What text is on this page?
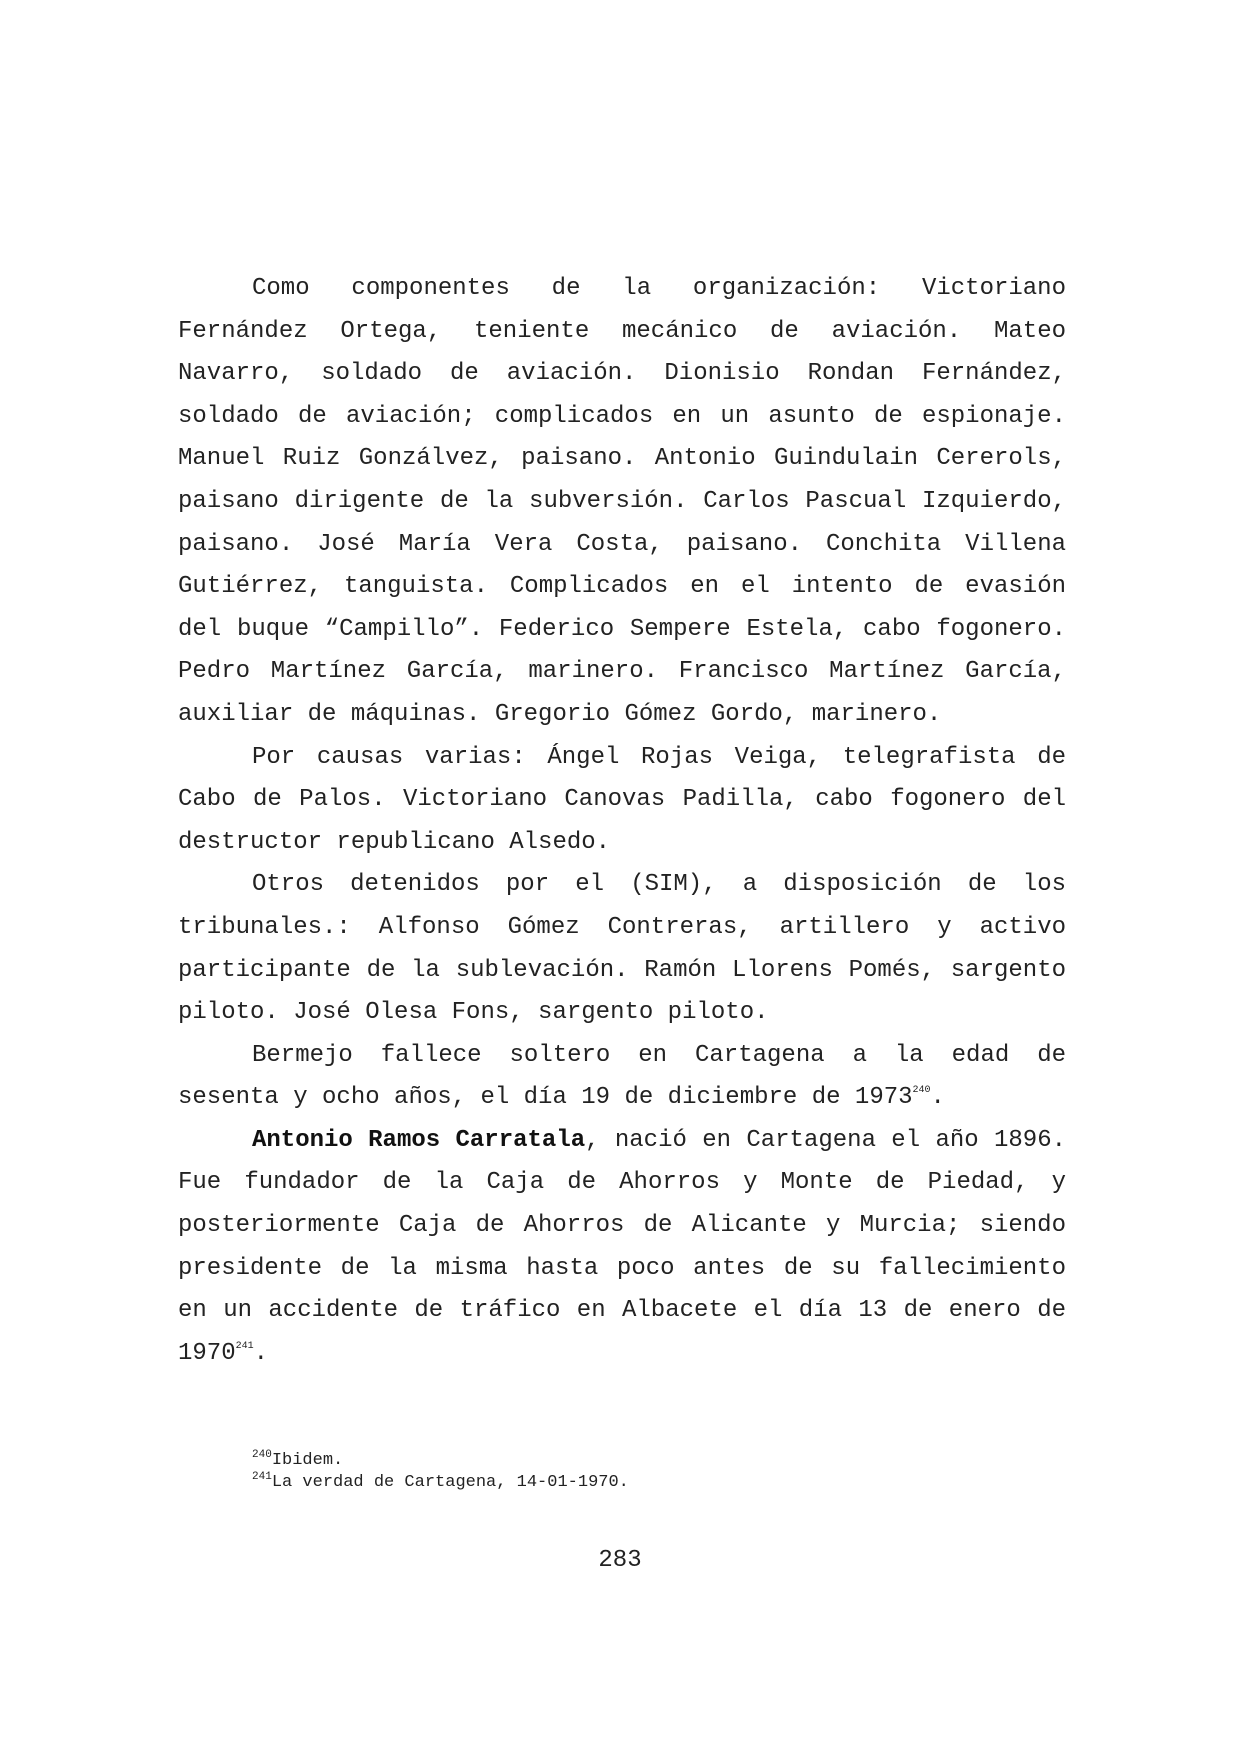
Como componentes de la organización: Victoriano Fernández Ortega, teniente mecánico de aviación. Mateo Navarro, soldado de aviación. Dionisio Rondan Fernández, soldado de aviación; complicados en un asunto de espionaje. Manuel Ruiz Gonzálvez, paisano. Antonio Guindulain Cererols, paisano dirigente de la subversión. Carlos Pascual Izquierdo, paisano. José María Vera Costa, paisano. Conchita Villena Gutiérrez, tanguista. Complicados en el intento de evasión del buque “Campillo”. Federico Sempere Estela, cabo fogonero. Pedro Martínez García, marinero. Francisco Martínez García, auxiliar de máquinas. Gregorio Gómez Gordo, marinero.

Por causas varias: Ángel Rojas Veiga, telegrafista de Cabo de Palos. Victoriano Canovas Padilla, cabo fogonero del destructor republicano Alsedo.

Otros detenidos por el (SIM), a disposición de los tribunales.: Alfonso Gómez Contreras, artillero y activo participante de la sublevación. Ramón Llorens Pomés, sargento piloto. José Olesa Fons, sargento piloto.

Bermejo fallece soltero en Cartagena a la edad de sesenta y ocho años, el día 19 de diciembre de 1973$^{240}$.

Antonio Ramos Carratala, nació en Cartagena el año 1896. Fue fundador de la Caja de Ahorros y Monte de Piedad, y posteriormente Caja de Ahorros de Alicante y Murcia; siendo presidente de la misma hasta poco antes de su fallecimiento en un accidente de tráfico en Albacete el día 13 de enero de 1970$^{241}$.

$^{240}$Ibidem.

$^{241}$La verdad de Cartagena, 14-01-1970.

283
